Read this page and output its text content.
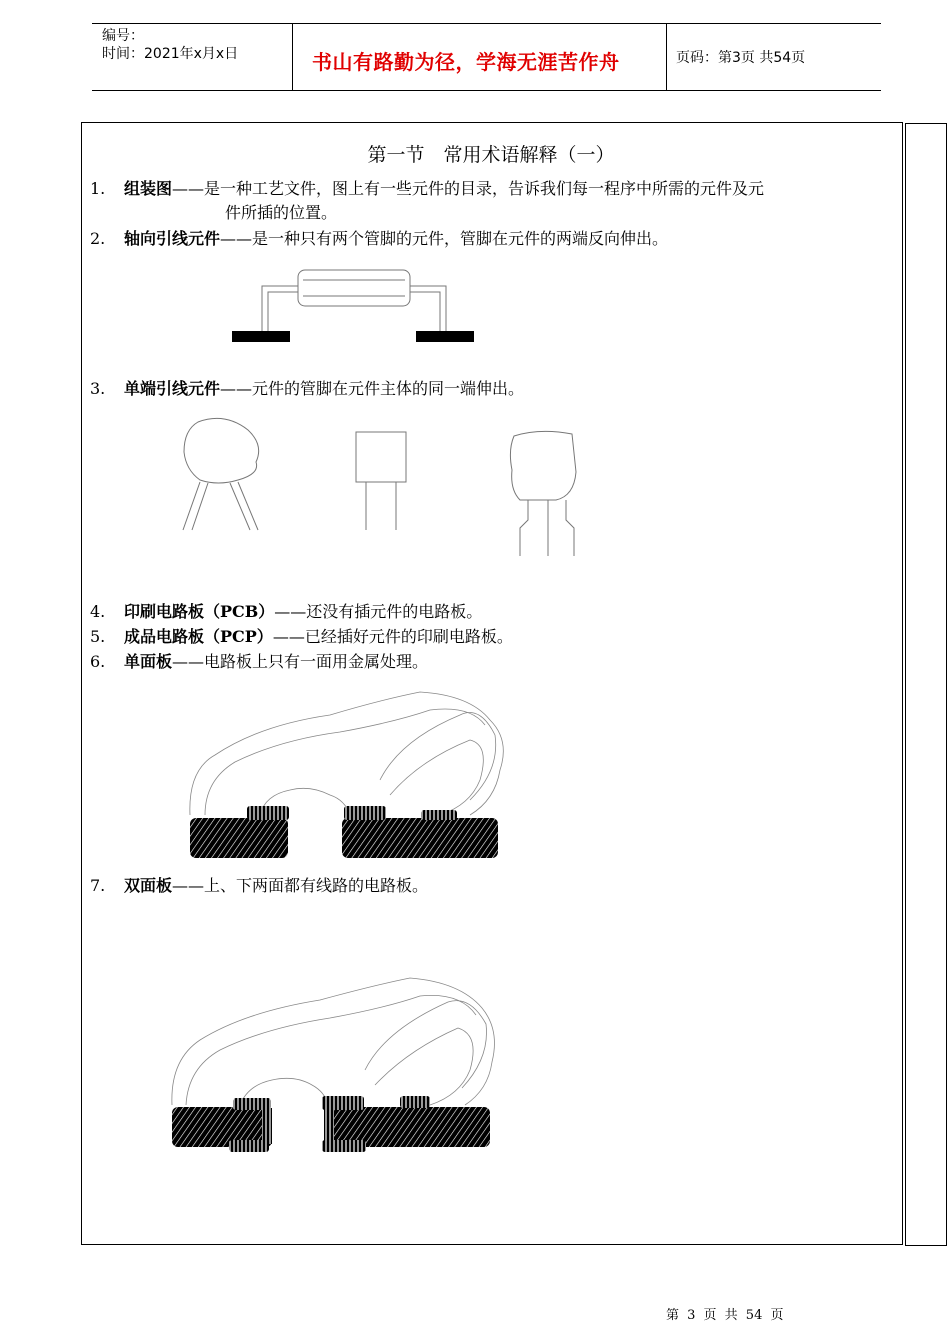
编号：
时间：2021年x月x日	书山有路勤为径，学海无涯苦作舟	页码：第3页 共54页
第一节　常用术语解释（一）
1. 组装图——是一种工艺文件，图上有一些元件的目录，告诉我们每一程序中所需的元件及元
件所插的位置。
2. 轴向引线元件——是一种只有两个管脚的元件，管脚在元件的两端反向伸出。
3. 单端引线元件——元件的管脚在元件主体的同一端伸出。
4. 印刷电路板（PCB）——还没有插元件的电路板。
5. 成品电路板（PCP）——已经插好元件的印刷电路板。
6. 单面板——电路板上只有一面用金属处理。
7. 双面板——上、下两面都有线路的电路板。
第 3 页 共 54 页
